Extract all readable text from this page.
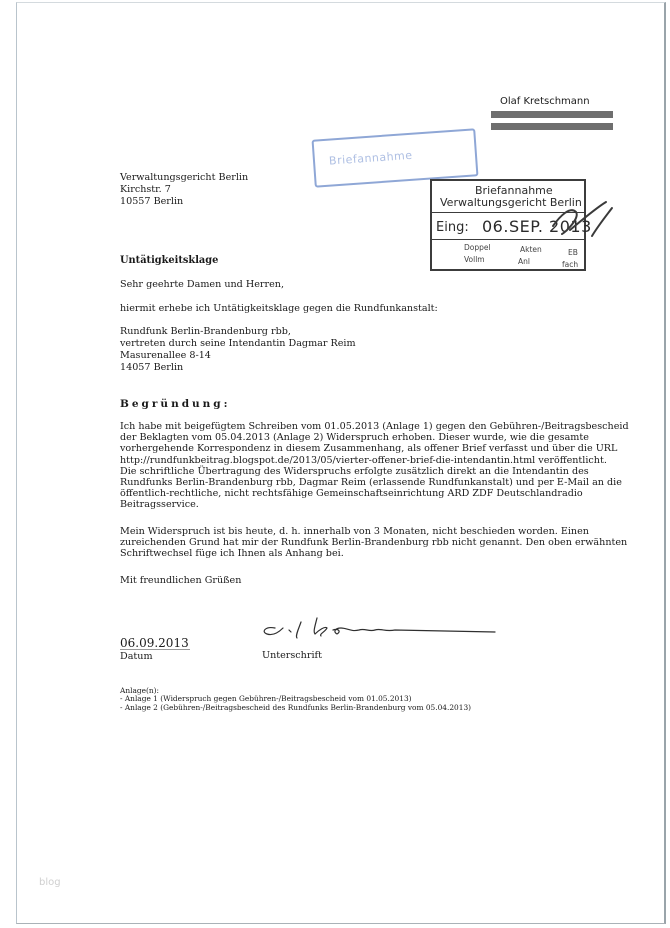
Olaf Kretschmann
Briefannahme
Briefannahme
Verwaltungsgericht Berlin
Eing: 06.SEP. 2013
Doppel	Akten	EB
Vollm	Anl	fach
Verwaltungsgericht Berlin
Kirchstr. 7
10557 Berlin
Untätigkeitsklage
Sehr geehrte Damen und Herren,
hiermit erhebe ich Untätigkeitsklage gegen die Rundfunkanstalt:
Rundfunk Berlin-Brandenburg rbb,
vertreten durch seine Intendantin Dagmar Reim
Masurenallee 8-14
14057 Berlin
Begründung:
Ich habe mit beigefügtem Schreiben vom 01.05.2013 (Anlage 1) gegen den Gebühren-/Beitragsbescheid
der Beklagten vom 05.04.2013 (Anlage 2) Widerspruch erhoben. Dieser wurde, wie die gesamte
vorhergehende Korrespondenz in diesem Zusammenhang, als offener Brief verfasst und über die URL
http://rundfunkbeitrag.blogspot.de/2013/05/vierter-offener-brief-die-intendantin.html veröffentlicht.
Die schriftliche Übertragung des Widerspruchs erfolgte zusätzlich direkt an die Intendantin des
Rundfunks Berlin-Brandenburg rbb, Dagmar Reim (erlassende Rundfunkanstalt) und per E-Mail an die
öffentlich-rechtliche, nicht rechtsfähige Gemeinschaftseinrichtung ARD ZDF Deutschlandradio
Beitragsservice.
Mein Widerspruch ist bis heute, d. h. innerhalb von 3 Monaten, nicht beschieden worden. Einen
zureichenden Grund hat mir der Rundfunk Berlin-Brandenburg rbb nicht genannt. Den oben erwähnten
Schriftwechsel füge ich Ihnen als Anhang bei.
Mit freundlichen Grüßen
06.09.2013
Datum	Unterschrift
Anlage(n):
- Anlage 1 (Widerspruch gegen Gebühren-/Beitragsbescheid vom 01.05.2013)
- Anlage 2 (Gebühren-/Beitragsbescheid des Rundfunks Berlin-Brandenburg vom 05.04.2013)
blog
